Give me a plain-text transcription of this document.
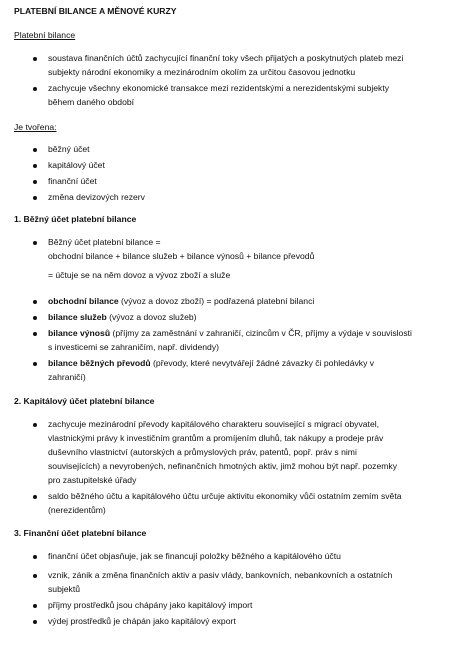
PLATEBNÍ BILANCE A MĚNOVÉ KURZY
Platební bilance
soustava finančních účtů zachycující finanční toky všech přijatých a poskytnutých plateb mezi
subjekty národní ekonomiky a mezinárodním okolím za určitou časovou jednotku
zachycuje všechny ekonomické transakce mezi rezidentskými a nerezidentskými subjekty
během daného období
Je tvořena:
běžný účet
kapitálový účet
finanční účet
změna devizových rezerv
1. Běžný účet platební bilance
Běžný účet platební bilance =
obchodní bilance + bilance služeb + bilance výnosů + bilance převodů
= účtuje se na něm dovoz a vývoz zboží a služe
obchodní bilance (vývoz a dovoz zboží) = podřazená platební bilanci
bilance služeb (vývoz a dovoz služeb)
bilance výnosů (příjmy za zaměstnání v zahraničí, cizincům v ČR, příjmy a výdaje v souvislosti
s investicemi se zahraničím, např. dividendy)
bilance běžných převodů (převody, které nevytvářejí žádné závazky či pohledávky v
zahraničí)
2. Kapitálový účet platební bilance
zachycuje mezinárodní převody kapitálového charakteru související s migrací obyvatel,
vlastnickými právy k investičním grantům a promíjením dluhů, tak nákupy a prodeje práv
duševního vlastnictví (autorských a průmyslových práv, patentů, popř. práv s nimi
souvisejících) a nevyrobených, nefinančních hmotných aktiv, jimž mohou být např. pozemky
pro zastupitelské úřady
saldo běžného účtu a kapitálového účtu určuje aktivitu ekonomiky vůči ostatním zemím světa
(nerezidentům)
3. Finanční účet platební bilance
finanční účet objasňuje, jak se financují položky běžného a kapitálového účtu
vznik, zánik a změna finančních aktiv a pasiv vlády, bankovních, nebankovních a ostatních
subjektů
příjmy prostředků jsou chápány jako kapitálový import
výdej prostředků je chápán jako kapitálový export
